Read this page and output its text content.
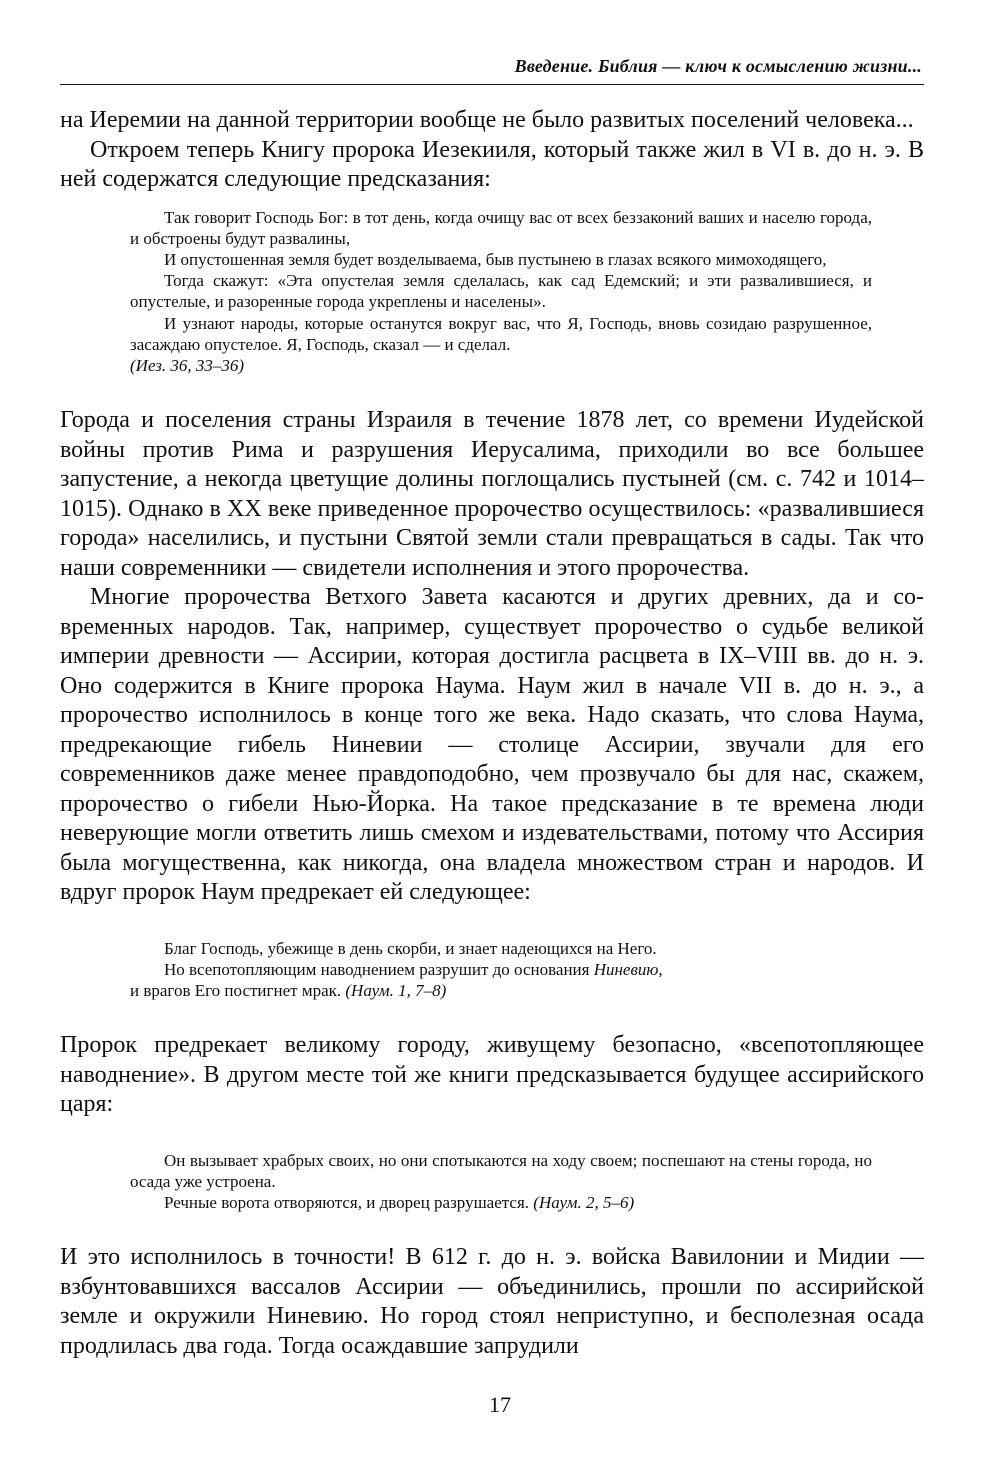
Введение. Библия — ключ к осмыслению жизни...

на Иеремии на данной территории вообще не было развитых поселений человека...

Откроем теперь Книгу пророка Иезекииля, который также жил в VI в. до н. э. В ней содержатся следующие предсказания:

Так говорит Господь Бог: в тот день, когда очищу вас от всех беззаконий ваших и населю города, и обстроены будут развалины,

И опустошенная земля будет возделываема, быв пустынею в глазах всякого мимоходящего,

Тогда скажут: «Эта опустелая земля сделалась, как сад Едемский; и эти развалившиеся, и опустелые, и разоренные города укреплены и населены».

И узнают народы, которые останутся вокруг вас, что Я, Господь, вновь созидаю разрушенное, засаждаю опустелое. Я, Господь, сказал — и сделал.

(Иез. 36, 33–36)

Города и поселения страны Израиля в течение 1878 лет, со времени Иудейской войны против Рима и разрушения Иерусалима, приходили во все большее запустение, а некогда цветущие долины поглощались пустыней (см. с. 742 и 1014–1015). Однако в XX веке приведенное пророчество осуществилось: «развалившиеся города» населились, и пустыни Святой земли стали превращаться в сады. Так что наши современники — свидетели исполнения и этого пророчества.

Многие пророчества Ветхого Завета касаются и других древних, да и современных народов. Так, например, существует пророчество о судьбе великой империи древности — Ассирии, которая достигла расцвета в IX–VIII вв. до н. э. Оно содержится в Книге пророка Наума. Наум жил в начале VII в. до н. э., а пророчество исполнилось в конце того же века. Надо сказать, что слова Наума, предрекающие гибель Ниневии — столице Ассирии, звучали для его современников даже менее правдоподобно, чем прозвучало бы для нас, скажем, пророчество о гибели Нью-Йорка. На такое предсказание в те времена люди неверующие могли ответить лишь смехом и издевательствами, потому что Ассирия была могущественна, как никогда, она владела множеством стран и народов. И вдруг пророк Наум предрекает ей следующее:

Благ Господь, убежище в день скорби, и знает надеющихся на Него.

Но всепотопляющим наводнением разрушит до основания Ниневию,

и врагов Его постигнет мрак. (Наум. 1, 7–8)

Пророк предрекает великому городу, живущему безопасно, «всепотопляющее наводнение». В другом месте той же книги предсказывается будущее ассирийского царя:

Он вызывает храбрых своих, но они спотыкаются на ходу своем; поспешают на стены города, но осада уже устроена.

Речные ворота отворяются, и дворец разрушается. (Наум. 2, 5–6)

И это исполнилось в точности! В 612 г. до н. э. войска Вавилонии и Мидии — взбунтовавшихся вассалов Ассирии — объединились, прошли по ассирийской земле и окружили Ниневию. Но город стоял неприступно, и бесполезная осада продлилась два года. Тогда осаждавшие запрудили

17
